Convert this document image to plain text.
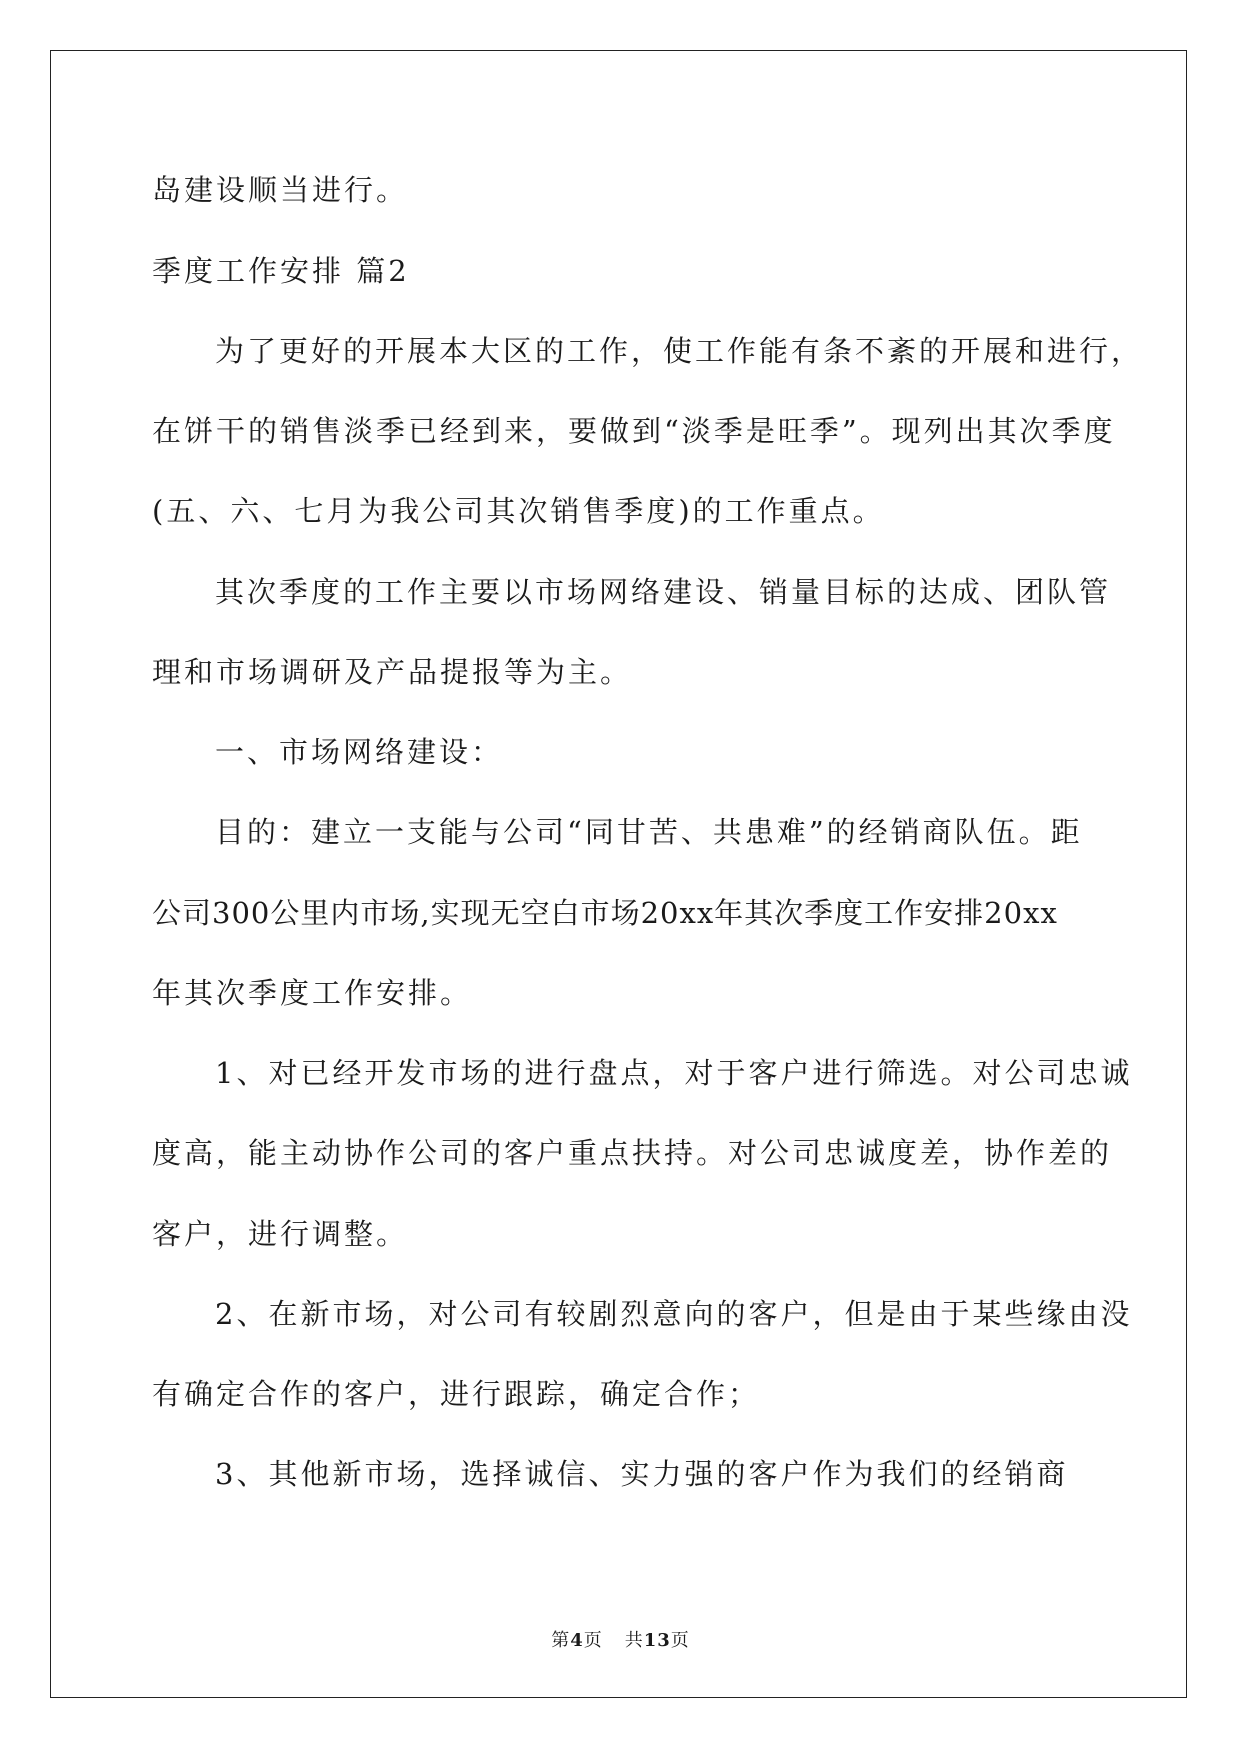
岛建设顺当进行。
季度工作安排 篇2
为了更好的开展本大区的工作，使工作能有条不紊的开展和进行，
在饼干的销售淡季已经到来，要做到“淡季是旺季”。现列出其次季度
(五、六、七月为我公司其次销售季度)的工作重点。
其次季度的工作主要以市场网络建设、销量目标的达成、团队管
理和市场调研及产品提报等为主。
一、市场网络建设：
目的：建立一支能与公司“同甘苦、共患难”的经销商队伍。距
公司300公里内市场,实现无空白市场20xx年其次季度工作安排20xx
年其次季度工作安排。
1、对已经开发市场的进行盘点，对于客户进行筛选。对公司忠诚
度高，能主动协作公司的客户重点扶持。对公司忠诚度差，协作差的
客户，进行调整。
2、在新市场，对公司有较剧烈意向的客户，但是由于某些缘由没
有确定合作的客户，进行跟踪，确定合作；
3、其他新市场，选择诚信、实力强的客户作为我们的经销商
第4页 共13页
